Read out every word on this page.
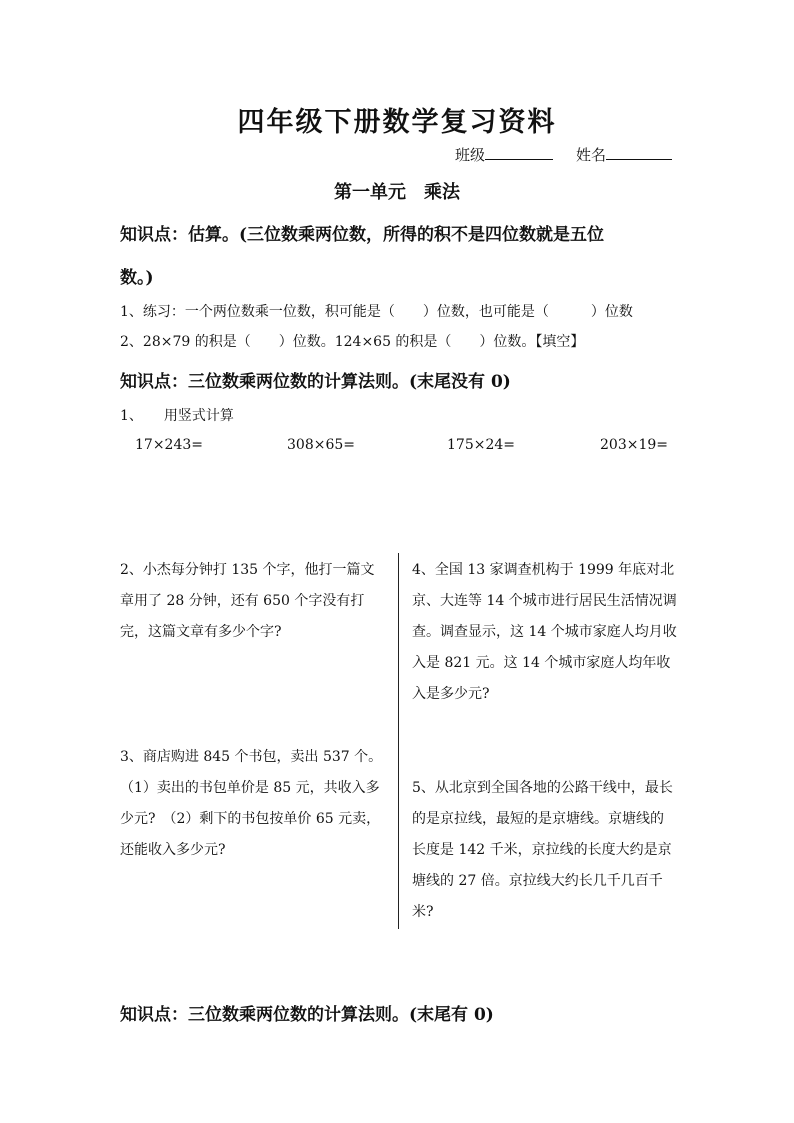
四年级下册数学复习资料
班级	姓名
第一单元　乘法
知识点：估算。(三位数乘两位数，所得的积不是四位数就是五位
数。)
1、练习：一个两位数乘一位数，积可能是（　　）位数，也可能是（　　　）位数
2、28×79 的积是（　　）位数。124×65 的积是（　　）位数。【填空】
知识点：三位数乘两位数的计算法则。(末尾没有 0)
1、　　用竖式计算
17×243=	308×65=	175×24=	203×19=
2、小杰每分钟打 135 个字，他打一篇文章用了 28 分钟，还有 650 个字没有打完，这篇文章有多少个字?
4、全国 13 家调查机构于 1999 年底对北京、大连等 14 个城市进行居民生活情况调查。调查显示，这 14 个城市家庭人均月收入是 821 元。这 14 个城市家庭人均年收入是多少元?
3、商店购进 845 个书包，卖出 537 个。（1）卖出的书包单价是 85 元，共收入多少元?　（2）剩下的书包按单价 65 元卖，还能收入多少元?
5、从北京到全国各地的公路干线中，最长的是京拉线，最短的是京塘线。京塘线的长度是 142 千米，京拉线的长度大约是京塘线的 27 倍。京拉线大约长几千几百千米?
知识点：三位数乘两位数的计算法则。(末尾有 0)
